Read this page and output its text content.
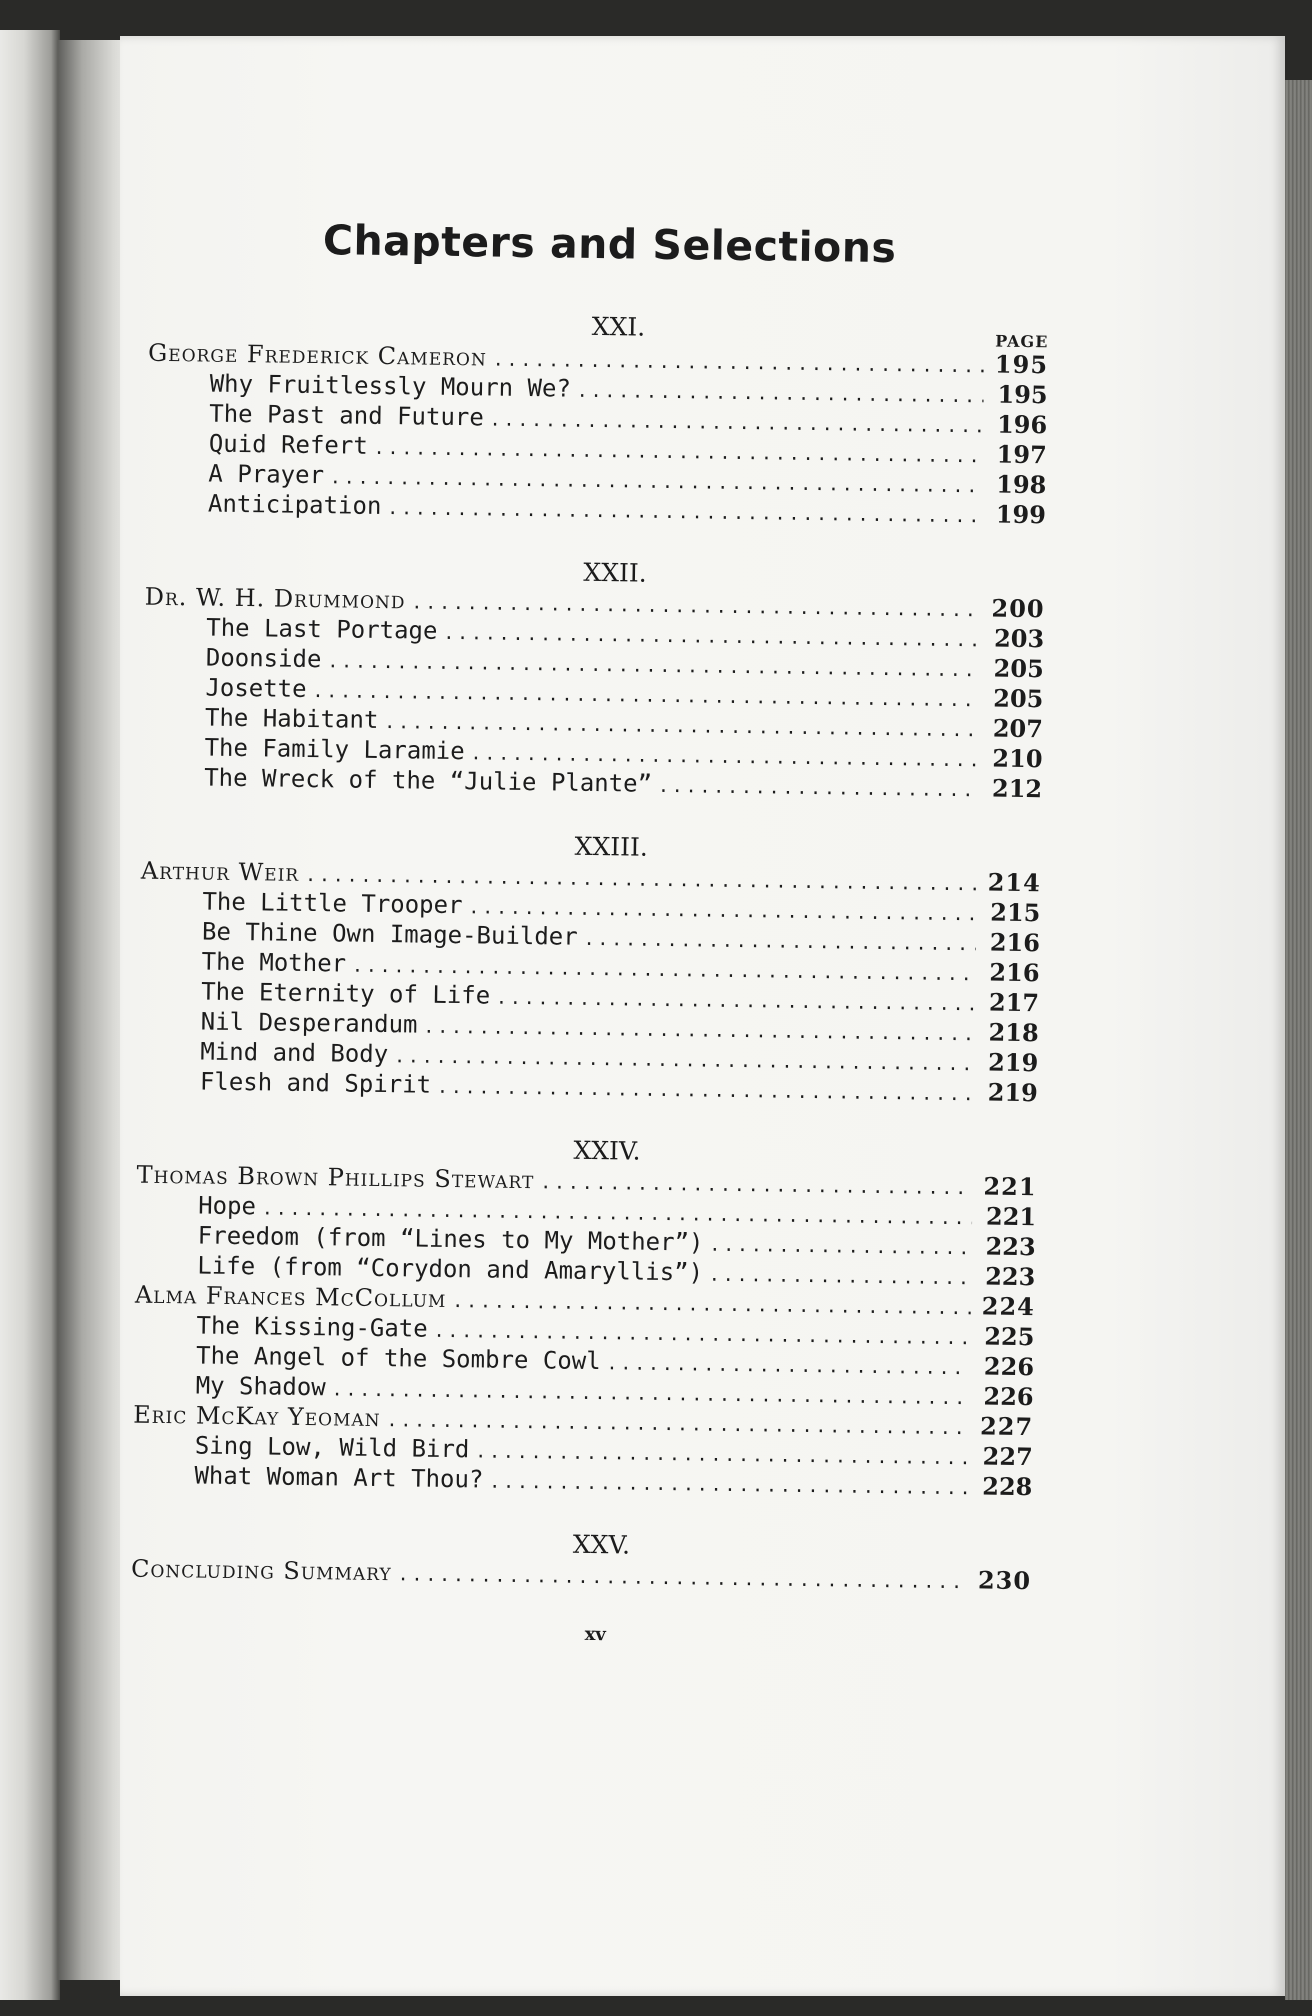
Chapters and Selections
XXI.	PAGE
George Frederick Cameron .....	195
Why Fruitlessly Mourn We? .....	195
The Past and Future .....	196
Quid Refert .....	197
A Prayer .....	198
Anticipation .....	199
XXII.
Dr. W. H. Drummond .....	200
The Last Portage .....	203
Doonside .....	205
Josette .....	205
The Habitant .....	207
The Family Laramie .....	210
The Wreck of the “Julie Plante” .....	212
XXIII.
Arthur Weir .....	214
The Little Trooper .....	215
Be Thine Own Image-Builder .....	216
The Mother .....	216
The Eternity of Life .....	217
Nil Desperandum .....	218
Mind and Body .....	219
Flesh and Spirit .....	219
XXIV.
Thomas Brown Phillips Stewart .....	221
Hope .....	221
Freedom (from “Lines to My Mother”) .....	223
Life (from “Corydon and Amaryllis”) .....	223
Alma Frances McCollum .....	224
The Kissing-Gate .....	225
The Angel of the Sombre Cowl .....	226
My Shadow .....	226
Eric McKay Yeoman .....	227
Sing Low, Wild Bird .....	227
What Woman Art Thou? .....	228
XXV.
Concluding Summary .....	230
xv
